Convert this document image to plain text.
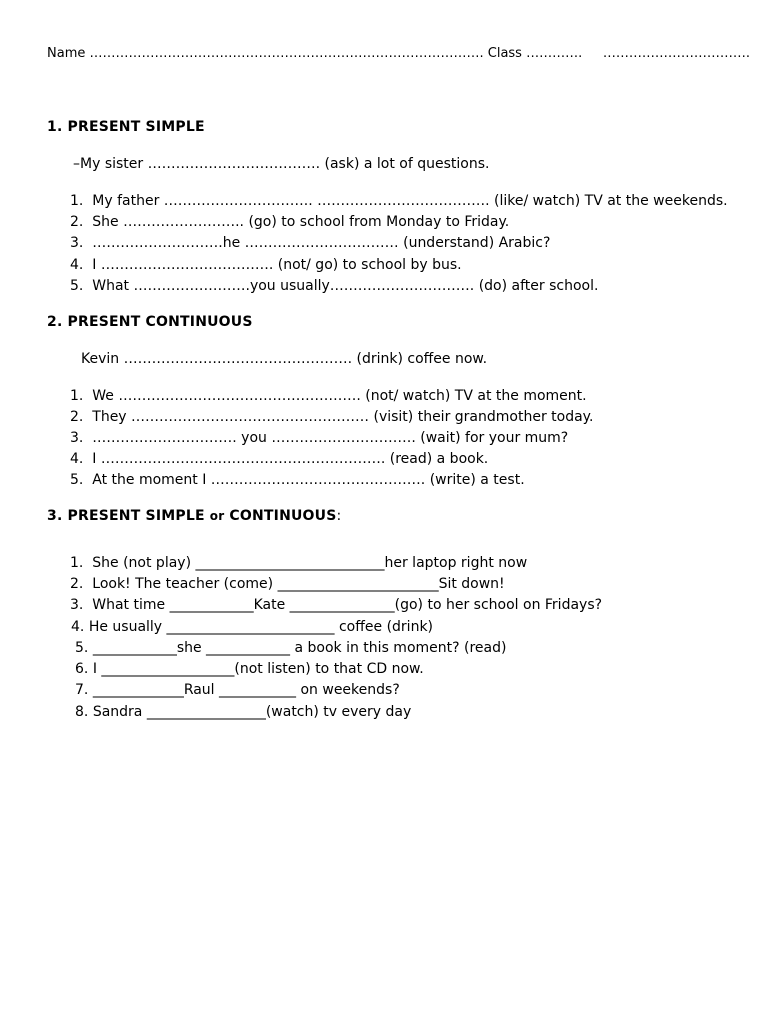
Name ………………………………………………………………………………. Class ………….     …………………………….
1. PRESENT SIMPLE
–My sister ………………………………. (ask) a lot of questions.
1. My father ………………………….. ………………………………. (like/ watch) TV at the weekends.
2. She …………………….. (go) to school from Monday to Friday.
3. ……………………….he …………………………… (understand) Arabic?
4. I ………………………………. (not/ go) to school by bus.
5. What …………………….you usually…………………………. (do) after school.
2. PRESENT CONTINUOUS
Kevin …………………………………………. (drink) coffee now.
1. We ……………………………………………. (not/ watch) TV at the moment.
2. They …………………………………………… (visit) their grandmother today.
3. …………………………. you …………………………. (wait) for your mum?
4. I ……………………………………………………. (read) a book.
5. At the moment I ………………………………………. (write) a test.
3. PRESENT SIMPLE or CONTINUOUS:
1. She (not play) ___________________________her laptop right now
2. Look! The teacher (come) _______________________Sit down!
3. What time ____________Kate _______________(go) to her school on Fridays?
4. He usually ________________________ coffee (drink)
5. ____________she ____________ a book in this moment? (read)
6. I ___________________(not listen) to that CD now.
7. _____________Raul ___________ on weekends?
8. Sandra _________________(watch) tv every day
